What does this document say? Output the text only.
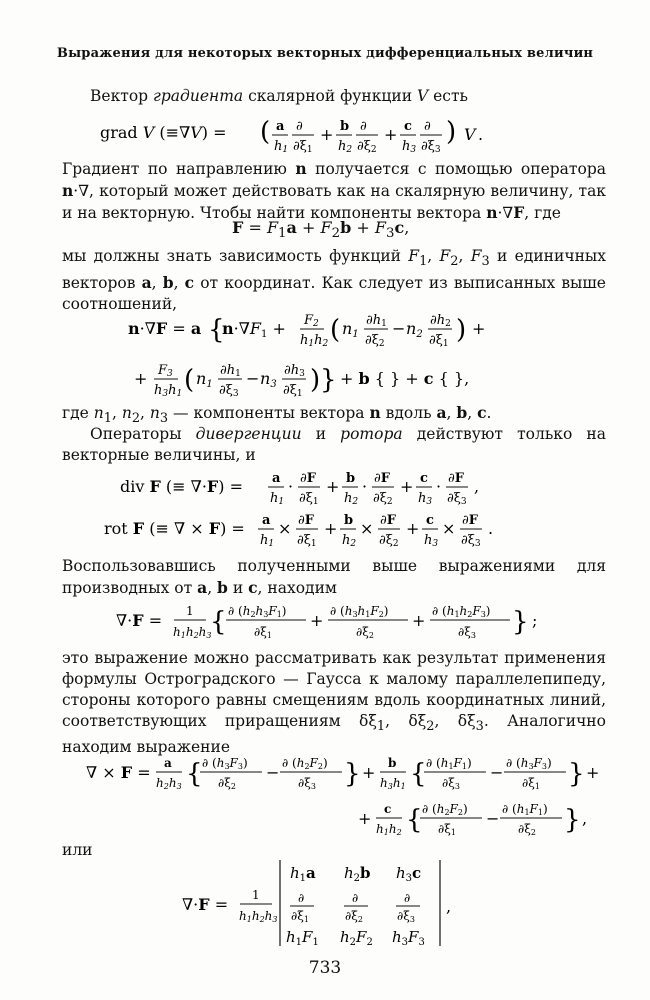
Выражения для некоторых векторных дифференциальных величин

Вектор градиента скалярной функции V есть

grad V (≡∇V) = ( a
h1
∂
∂ξ1
+ b
h2
∂
∂ξ2
+ c
h3
∂
∂ξ3
) V .

Градиент по направлению n получается с помощью оператора n·∇, который может действовать как на скалярную величину, так и на векторную. Чтобы найти компоненты вектора n·∇F, где

$F = F_1a + F_2b + F_3c$,

мы должны знать зависимость функций $F_1$, $F_2$, $F_3$ и единичных векторов a, b, c от координат. Как следует из выписанных выше соотношений,

n·∇F = a {
n·∇F1 + F2
h1h2 ( n1
∂h1
∂ξ2
− n2
∂h2
∂ξ1 ) +
+ F3
h3h1 ( n1
∂h1
∂ξ3
− n3
∂h3
∂ξ1 ) } + b { } + c { },

где $n_1$, $n_2$, $n_3$ — компоненты вектора n вдоль a, b, c.

Операторы дивергенции и ротора действуют только на векторные величины, и

div F (≡ ∇·F) = a
h1
· ∂F
∂ξ1
+ b
h2
· ∂F
∂ξ2
+ c
h3
· ∂F
∂ξ3
,
rot F (≡ ∇ × F) = a
h1
× ∂F
∂ξ1
+ b
h2
× ∂F
∂ξ2
+ c
h3
× ∂F
∂ξ3
.

Воспользовавшись полученными выше выражениями для производных от a, b и c, находим

∇·F = 1
h1h2h3
{ ∂ (h2h3F1)
∂ξ1
+ ∂ (h3h1F2)
∂ξ2
+ ∂ (h1h2F3)
∂ξ3 } ;

это выражение можно рассматривать как результат применения формулы Остроградского — Гаусса к малому параллелепипеду, стороны которого равны смещениям вдоль координатных линий, соответствующих приращениям $\delta\xi_1$, $\delta\xi_2$, $\delta\xi_3$. Аналогично находим выражение

∇ × F = a
h2h3 { ∂ (h3F3)
∂ξ2
− ∂ (h2F2)
∂ξ3 } + b
h3h1 { ∂ (h1F1)
∂ξ3
− ∂ (h3F3)
∂ξ1 } +
+ c
h1h2 { ∂ (h2F2)
∂ξ1
− ∂ (h1F1)
∂ξ2 } ,

или

∇·F = 1
h1h2h3
$h_1a$ $h_2b$ $h_3c$
∂
∂ξ1
∂
∂ξ2
∂
∂ξ3
$h_1F_1$ $h_2F_2$ $h_3F_3$
,
733
